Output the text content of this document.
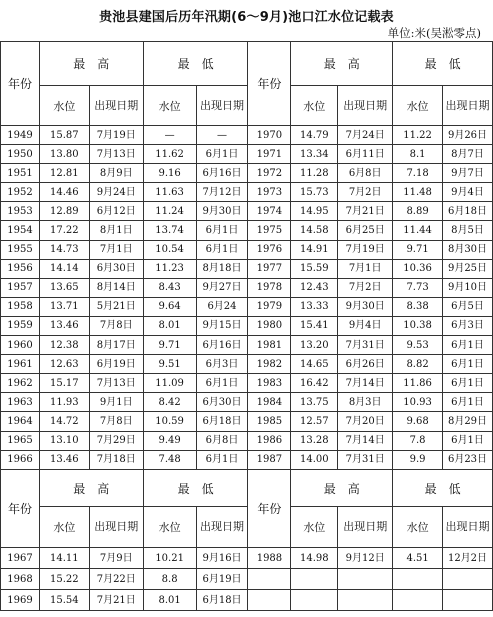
贵池县建国后历年汛期(6～9月)池口江水位记载表
单位:米(吴淞零点)
年份	最　高		最　低		年份	最　高		最　低	
	水位	出现日期	水位	出现日期		水位	出现日期	水位	出现日期
1949	15.87	7月19日	—	—	1970	14.79	7月24日	11.22	9月26日
1950	13.80	7月13日	11.62	6月1日	1971	13.34	6月11日	8.1	8月7日
1951	12.81	8月9日	9.16	6月16日	1972	11.28	6月8日	7.18	9月7日
1952	14.46	9月24日	11.63	7月12日	1973	15.73	7月2日	11.48	9月4日
1953	12.89	6月12日	11.24	9月30日	1974	14.95	7月21日	8.89	6月18日
1954	17.22	8月1日	13.74	6月1日	1975	14.58	6月25日	11.44	8月5日
1955	14.73	7月1日	10.54	6月1日	1976	14.91	7月19日	9.71	8月30日
1956	14.14	6月30日	11.23	8月18日	1977	15.59	7月1日	10.36	9月25日
1957	13.65	8月14日	8.43	9月27日	1978	12.43	7月2日	7.73	9月10日
1958	13.71	5月21日	9.64	6月24	1979	13.33	9月30日	8.38	6月5日
1959	13.46	7月8日	8.01	9月15日	1980	15.41	9月4日	10.38	6月3日
1960	12.38	8月17日	9.71	6月16日	1981	13.20	7月31日	9.53	6月1日
1961	12.63	6月19日	9.51	6月3日	1982	14.65	6月26日	8.82	6月1日
1962	15.17	7月13日	11.09	6月1日	1983	16.42	7月14日	11.86	6月1日
1963	11.93	9月1日	8.42	6月30日	1984	13.75	8月3日	10.93	6月1日
1964	14.72	7月8日	10.59	6月18日	1985	12.57	7月20日	9.68	8月29日
1965	13.10	7月29日	9.49	6月8日	1986	13.28	7月14日	7.8	6月1日
1966	13.46	7月18日	7.48	6月1日	1987	14.00	7月31日	9.9	6月23日
年份	最　高		最　低		年份	最　高		最　低	
	水位	出现日期	水位	出现日期		水位	出现日期	水位	出现日期
1967	14.11	7月9日	10.21	9月16日	1988	14.98	9月12日	4.51	12月2日
1968	15.22	7月22日	8.8	6月19日					
1969	15.54	7月21日	8.01	6月18日					
